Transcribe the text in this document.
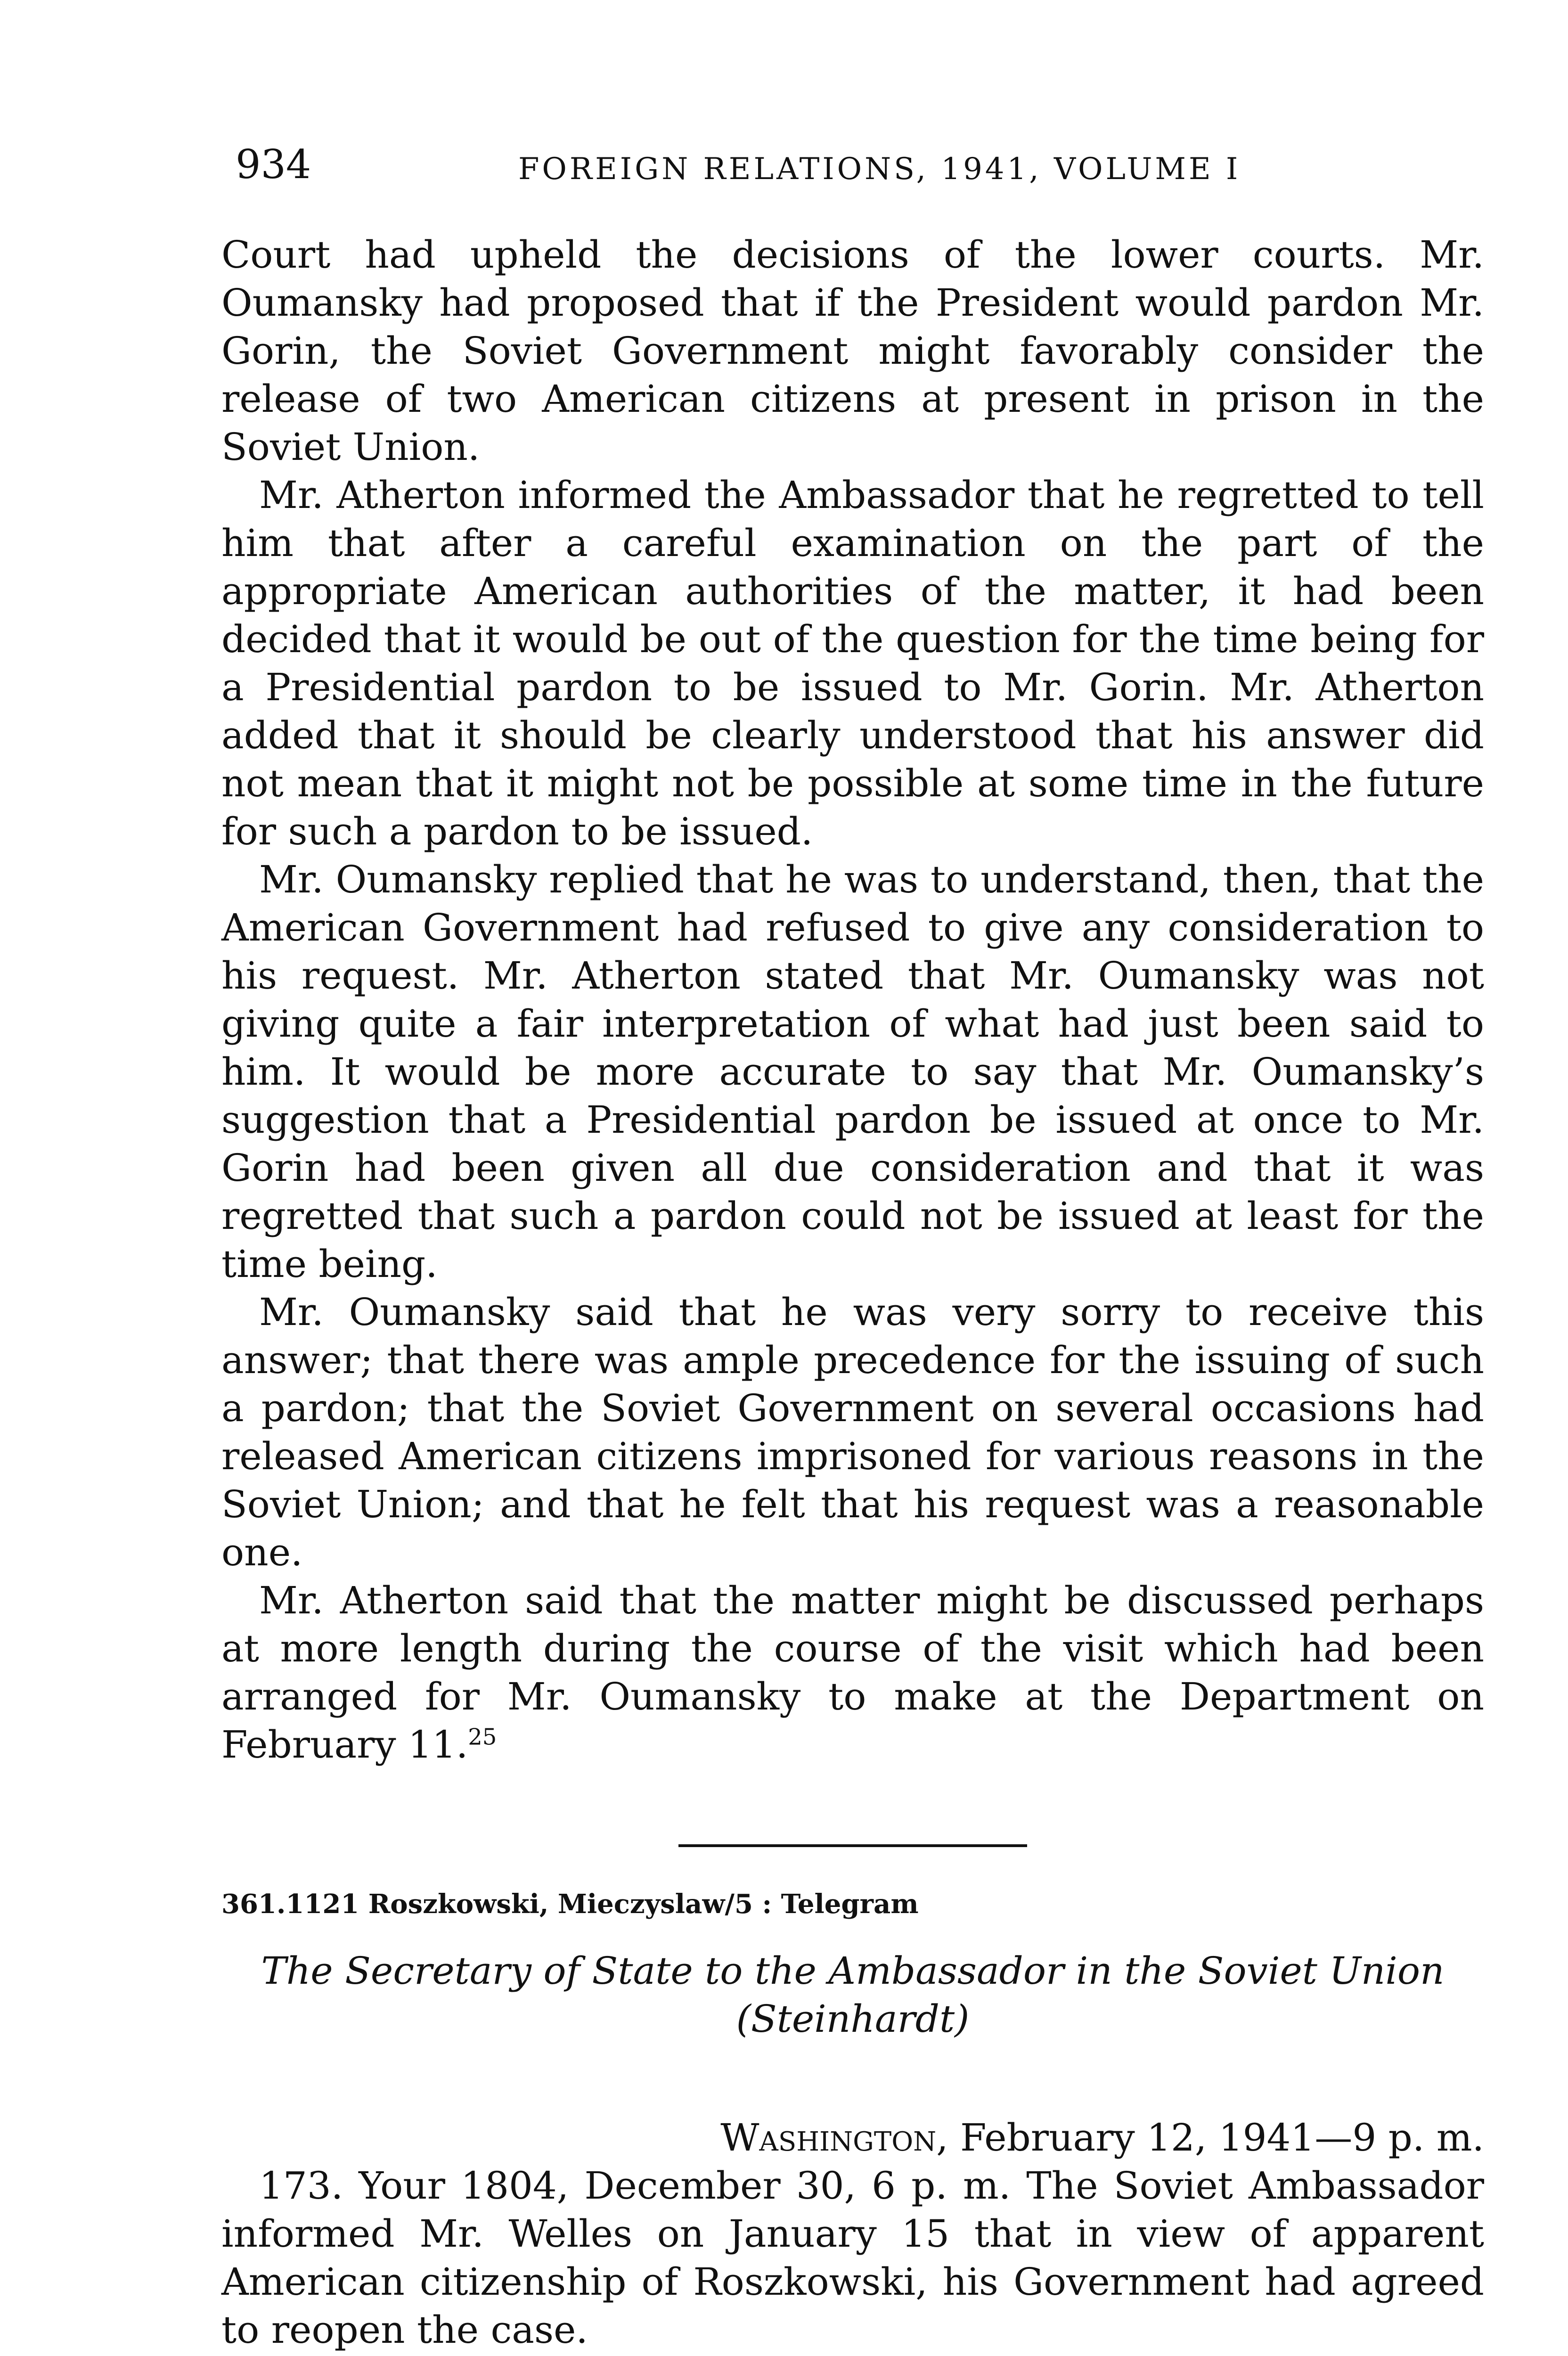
934	FOREIGN RELATIONS, 1941, VOLUME I

Court had upheld the decisions of the lower courts. Mr. Oumansky had proposed that if the President would pardon Mr. Gorin, the Soviet Government might favorably consider the release of two American citizens at present in prison in the Soviet Union.

Mr. Atherton informed the Ambassador that he regretted to tell him that after a careful examination on the part of the appropriate American authorities of the matter, it had been decided that it would be out of the question for the time being for a Presidential pardon to be issued to Mr. Gorin. Mr. Atherton added that it should be clearly understood that his answer did not mean that it might not be possible at some time in the future for such a pardon to be issued.

Mr. Oumansky replied that he was to understand, then, that the American Government had refused to give any consideration to his request. Mr. Atherton stated that Mr. Oumansky was not giving quite a fair interpretation of what had just been said to him. It would be more accurate to say that Mr. Oumansky’s suggestion that a Presidential pardon be issued at once to Mr. Gorin had been given all due consideration and that it was regretted that such a pardon could not be issued at least for the time being.

Mr. Oumansky said that he was very sorry to receive this answer; that there was ample precedence for the issuing of such a pardon; that the Soviet Government on several occasions had released American citizens imprisoned for various reasons in the Soviet Union; and that he felt that his request was a reasonable one.

Mr. Atherton said that the matter might be discussed perhaps at more length during the course of the visit which had been arranged for Mr. Oumansky to make at the Department on February 11.25

361.1121 Roszkowski, Mieczyslaw/5 : Telegram
The Secretary of State to the Ambassador in the Soviet Union
(Steinhardt)
Washington, February 12, 1941—9 p. m.

173. Your 1804, December 30, 6 p. m. The Soviet Ambassador informed Mr. Welles on January 15 that in view of apparent American citizenship of Roszkowski, his Government had agreed to reopen the case.
